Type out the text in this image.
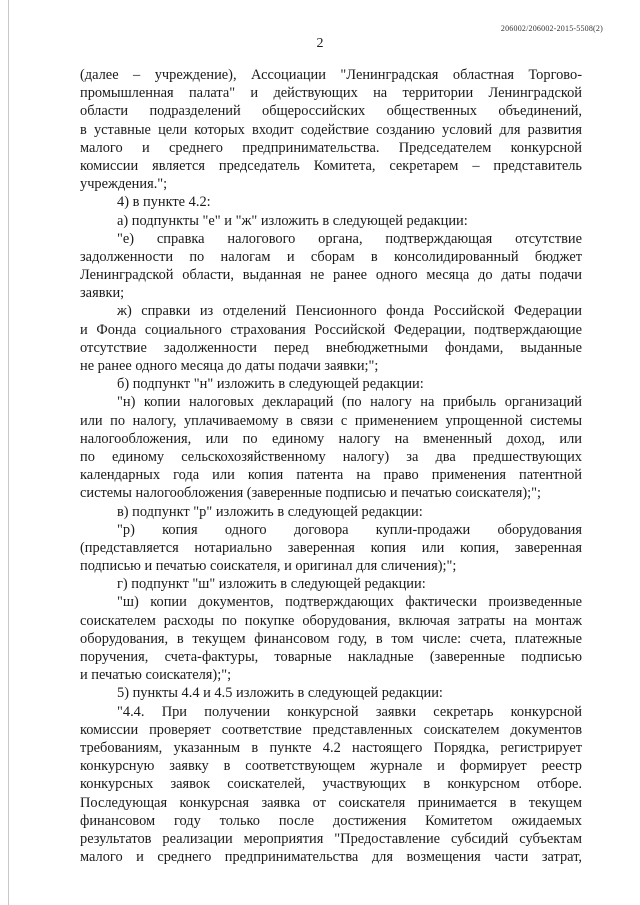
206002/206002-2015-5508(2)
2
(далее – учреждение), Ассоциации "Ленинградская областная Торгово-
промышленная палата" и действующих на территории Ленинградской
области подразделений общероссийских общественных объединений,
в уставные цели которых входит содействие созданию условий для развития
малого и среднего предпринимательства. Председателем конкурсной
комиссии является председатель Комитета, секретарем – представитель
учреждения.";
4) в пункте 4.2:
а) подпункты "е" и "ж" изложить в следующей редакции:
"е) справка налогового органа, подтверждающая отсутствие
задолженности по налогам и сборам в консолидированный бюджет
Ленинградской области, выданная не ранее одного месяца до даты подачи
заявки;
ж) справки из отделений Пенсионного фонда Российской Федерации
и Фонда социального страхования Российской Федерации, подтверждающие
отсутствие задолженности перед внебюджетными фондами, выданные
не ранее одного месяца до даты подачи заявки;";
б) подпункт "н" изложить в следующей редакции:
"н) копии налоговых деклараций (по налогу на прибыль организаций
или по налогу, уплачиваемому в связи с применением упрощенной системы
налогообложения, или по единому налогу на вмененный доход, или
по единому сельскохозяйственному налогу) за два предшествующих
календарных года или копия патента на право применения патентной
системы налогообложения (заверенные подписью и печатью соискателя);";
в) подпункт "р" изложить в следующей редакции:
"р) копия одного договора купли-продажи оборудования
(представляется нотариально заверенная копия или копия, заверенная
подписью и печатью соискателя, и оригинал для сличения);";
г) подпункт "ш" изложить в следующей редакции:
"ш) копии документов, подтверждающих фактически произведенные
соискателем расходы по покупке оборудования, включая затраты на монтаж
оборудования, в текущем финансовом году, в том числе: счета, платежные
поручения, счета-фактуры, товарные накладные (заверенные подписью
и печатью соискателя);";
5) пункты 4.4 и 4.5 изложить в следующей редакции:
"4.4. При получении конкурсной заявки секретарь конкурсной
комиссии проверяет соответствие представленных соискателем документов
требованиям, указанным в пункте 4.2 настоящего Порядка, регистрирует
конкурсную заявку в соответствующем журнале и формирует реестр
конкурсных заявок соискателей, участвующих в конкурсном отборе.
Последующая конкурсная заявка от соискателя принимается в текущем
финансовом году только после достижения Комитетом ожидаемых
результатов реализации мероприятия "Предоставление субсидий субъектам
малого и среднего предпринимательства для возмещения части затрат,
